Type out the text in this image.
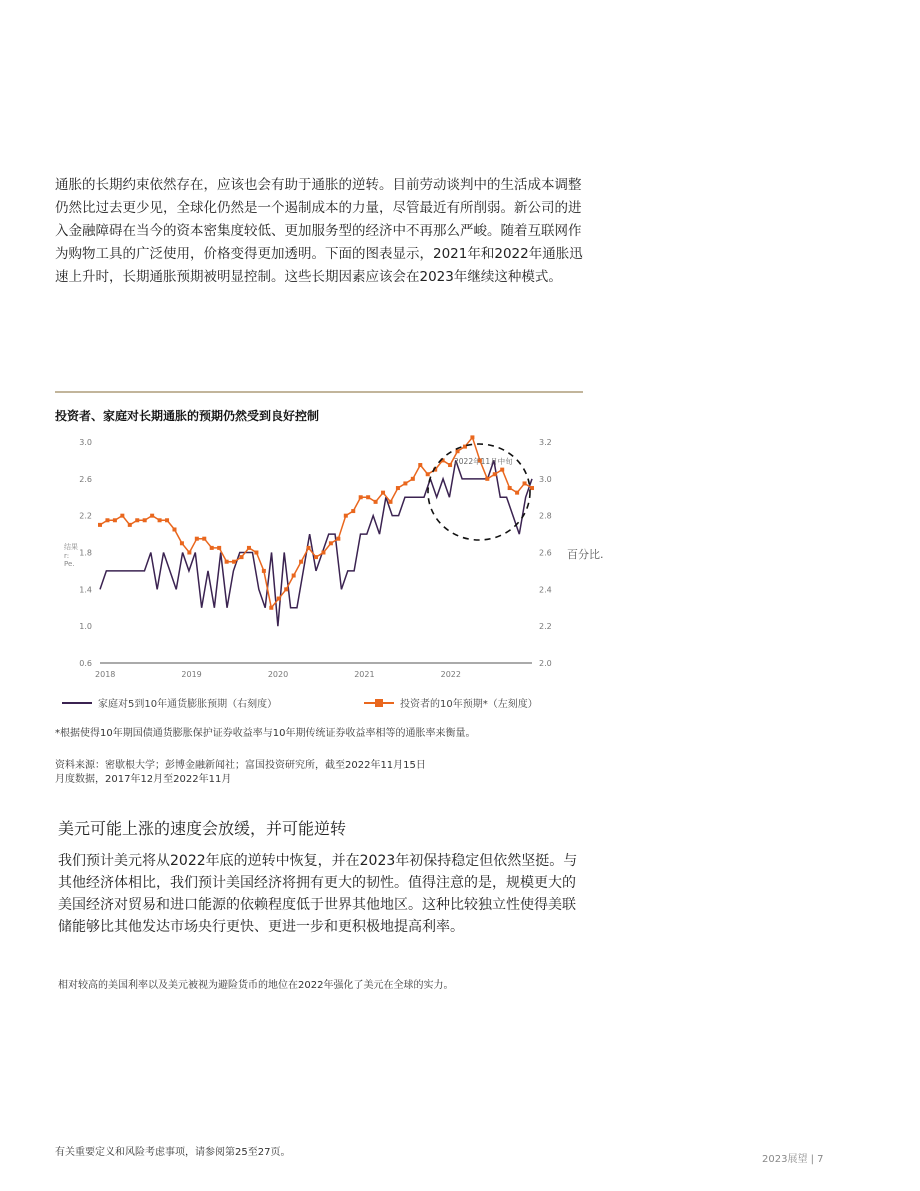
通胀的长期约束依然存在，应该也会有助于通胀的逆转。目前劳动谈判中的生活成本调整仍然比过去更少见，全球化仍然是一个遏制成本的力量，尽管最近有所削弱。新公司的进入金融障碍在当今的资本密集度较低、更加服务型的经济中不再那么严峻。随着互联网作为购物工具的广泛使用，价格变得更加透明。下面的图表显示，2021年和2022年通胀迅速上升时，长期通胀预期被明显控制。这些长期因素应该会在2023年继续这种模式。

投资者、家庭对长期通胀的预期仍然受到良好控制
0.6
1.0
1.4
1.8
2.2
2.6
3.0
2.0
2.2
2.4
2.6
2.8
3.0
3.2
2018	2019	2020	2021	2022
2022年11月中旬
结果
r:
Pe.
百分比.
家庭对5到10年通货膨胀预期（右刻度）	投资者的10年预期*（左刻度）
*根据使得10年期国债通货膨胀保护证券收益率与10年期传统证券收益率相等的通胀率来衡量。
资料来源：密歇根大学；彭博金融新闻社；富国投资研究所，截至2022年11月15日
月度数据，2017年12月至2022年11月
美元可能上涨的速度会放缓，并可能逆转

我们预计美元将从2022年底的逆转中恢复，并在2023年初保持稳定但依然坚挺。与其他经济体相比，我们预计美国经济将拥有更大的韧性。值得注意的是，规模更大的美国经济对贸易和进口能源的依赖程度低于世界其他地区。这种比较独立性使得美联储能够比其他发达市场央行更快、更进一步和更积极地提高利率。

相对较高的美国利率以及美元被视为避险货币的地位在2022年强化了美元在全球的实力。
有关重要定义和风险考虑事项，请参阅第25至27页。
2023展望 | 7
